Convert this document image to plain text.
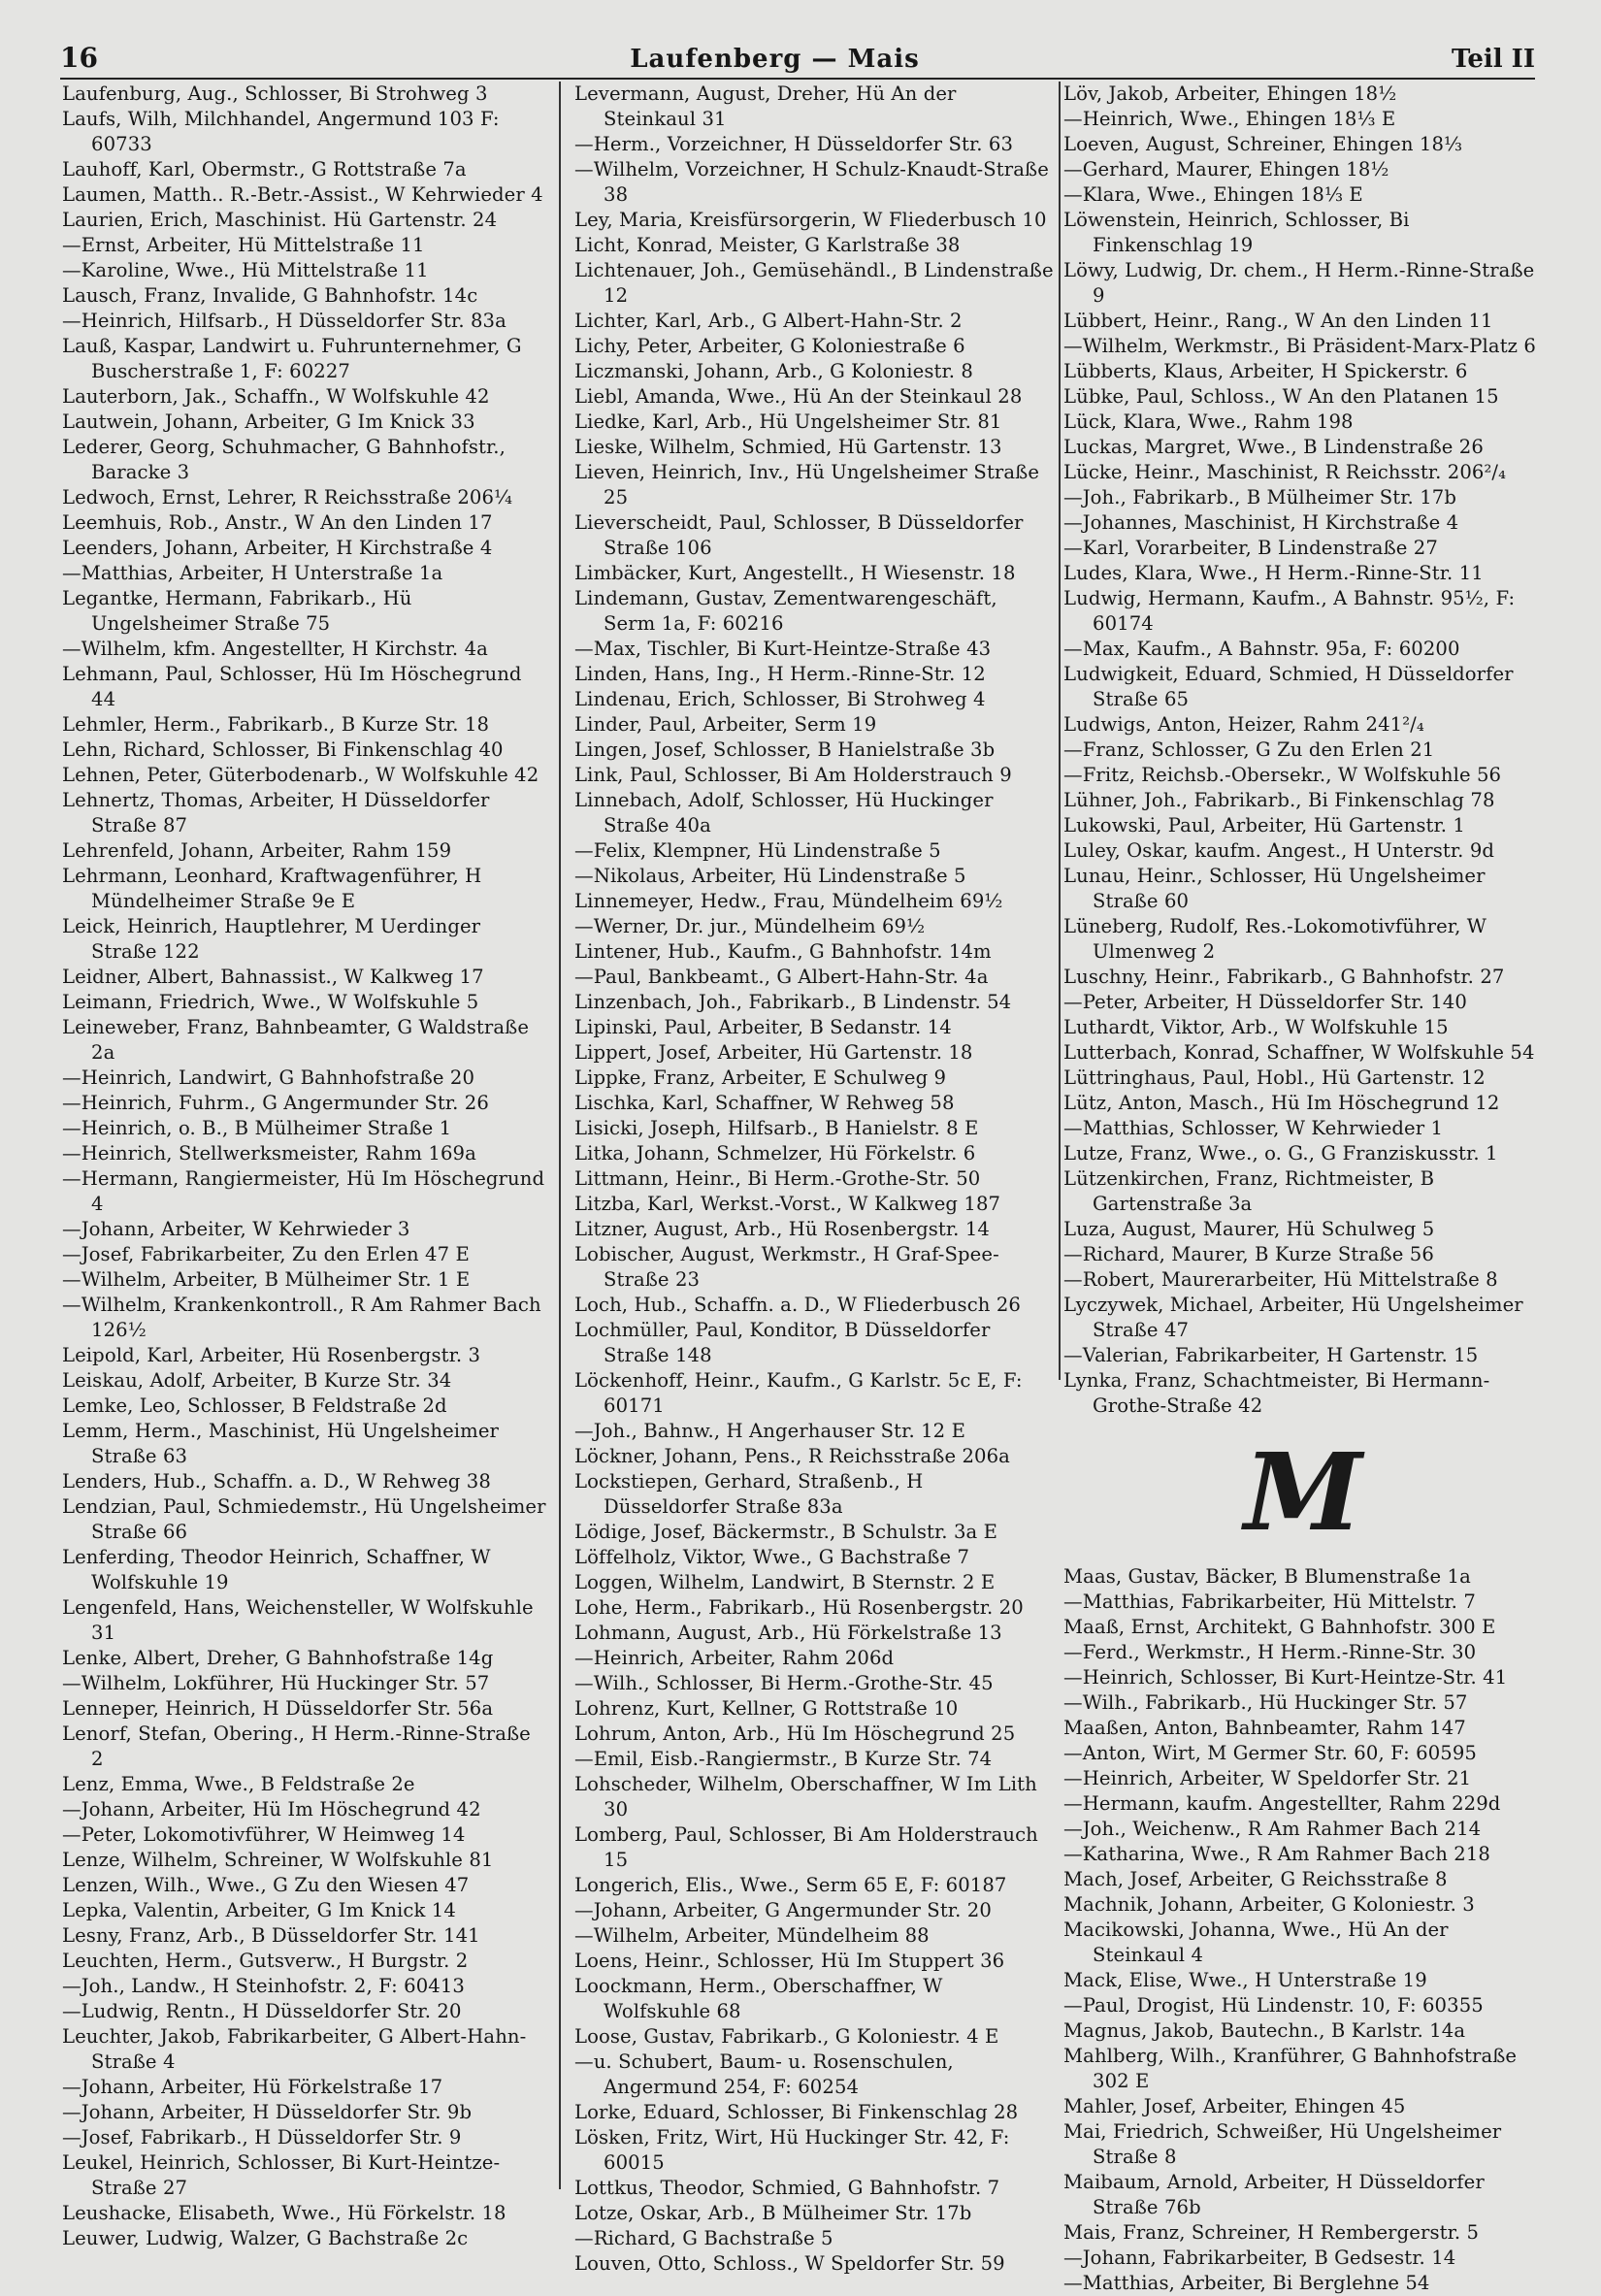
16	Laufenberg — Mais	Teil II
Laufenburg, Aug., Schlosser, Bi Strohweg 3
Laufs, Wilh, Milchhandel, Angermund 103 F: 60733
Lauhoff, Karl, Obermstr., G Rottstraße 7a
Laumen, Matth.. R.-Betr.-Assist., W Kehrwieder 4
Laurien, Erich, Maschinist. Hü Gartenstr. 24
—Ernst, Arbeiter, Hü Mittelstraße 11
—Karoline, Wwe., Hü Mittelstraße 11
Lausch, Franz, Invalide, G Bahnhofstr. 14c
—Heinrich, Hilfsarb., H Düsseldorfer Str. 83a
Lauß, Kaspar, Landwirt u. Fuhrunternehmer, G Buscherstraße 1, F: 60227
Lauterborn, Jak., Schaffn., W Wolfskuhle 42
Lautwein, Johann, Arbeiter, G Im Knick 33
Lederer, Georg, Schuhmacher, G Bahnhofstr., Baracke 3
Ledwoch, Ernst, Lehrer, R Reichsstraße 206¼
Leemhuis, Rob., Anstr., W An den Linden 17
Leenders, Johann, Arbeiter, H Kirchstraße 4
—Matthias, Arbeiter, H Unterstraße 1a
Legantke, Hermann, Fabrikarb., Hü Ungelsheimer Straße 75
—Wilhelm, kfm. Angestellter, H Kirchstr. 4a
Lehmann, Paul, Schlosser, Hü Im Höschegrund 44
Lehmler, Herm., Fabrikarb., B Kurze Str. 18
Lehn, Richard, Schlosser, Bi Finkenschlag 40
Lehnen, Peter, Güterbodenarb., W Wolfskuhle 42
Lehnertz, Thomas, Arbeiter, H Düsseldorfer Straße 87
Lehrenfeld, Johann, Arbeiter, Rahm 159
Lehrmann, Leonhard, Kraftwagenführer, H Mündelheimer Straße 9e E
Leick, Heinrich, Hauptlehrer, M Uerdinger Straße 122
Leidner, Albert, Bahnassist., W Kalkweg 17
Leimann, Friedrich, Wwe., W Wolfskuhle 5
Leineweber, Franz, Bahnbeamter, G Waldstraße 2a
—Heinrich, Landwirt, G Bahnhofstraße 20
—Heinrich, Fuhrm., G Angermunder Str. 26
—Heinrich, o. B., B Mülheimer Straße 1
—Heinrich, Stellwerksmeister, Rahm 169a
—Hermann, Rangiermeister, Hü Im Höschegrund 4
—Johann, Arbeiter, W Kehrwieder 3
—Josef, Fabrikarbeiter, Zu den Erlen 47 E
—Wilhelm, Arbeiter, B Mülheimer Str. 1 E
—Wilhelm, Krankenkontroll., R Am Rahmer Bach 126½
Leipold, Karl, Arbeiter, Hü Rosenbergstr. 3
Leiskau, Adolf, Arbeiter, B Kurze Str. 34
Lemke, Leo, Schlosser, B Feldstraße 2d
Lemm, Herm., Maschinist, Hü Ungelsheimer Straße 63
Lenders, Hub., Schaffn. a. D., W Rehweg 38
Lendzian, Paul, Schmiedemstr., Hü Ungelsheimer Straße 66
Lenferding, Theodor Heinrich, Schaffner, W Wolfskuhle 19
Lengenfeld, Hans, Weichensteller, W Wolfskuhle 31
Lenke, Albert, Dreher, G Bahnhofstraße 14g
—Wilhelm, Lokführer, Hü Huckinger Str. 57
Lenneper, Heinrich, H Düsseldorfer Str. 56a
Lenorf, Stefan, Obering., H Herm.-Rinne-Straße 2
Lenz, Emma, Wwe., B Feldstraße 2e
—Johann, Arbeiter, Hü Im Höschegrund 42
—Peter, Lokomotivführer, W Heimweg 14
Lenze, Wilhelm, Schreiner, W Wolfskuhle 81
Lenzen, Wilh., Wwe., G Zu den Wiesen 47
Lepka, Valentin, Arbeiter, G Im Knick 14
Lesny, Franz, Arb., B Düsseldorfer Str. 141
Leuchten, Herm., Gutsverw., H Burgstr. 2
—Joh., Landw., H Steinhofstr. 2, F: 60413
—Ludwig, Rentn., H Düsseldorfer Str. 20
Leuchter, Jakob, Fabrikarbeiter, G Albert-Hahn-Straße 4
—Johann, Arbeiter, Hü Förkelstraße 17
—Johann, Arbeiter, H Düsseldorfer Str. 9b
—Josef, Fabrikarb., H Düsseldorfer Str. 9
Leukel, Heinrich, Schlosser, Bi Kurt-Heintze-Straße 27
Leushacke, Elisabeth, Wwe., Hü Förkelstr. 18
Leuwer, Ludwig, Walzer, G Bachstraße 2c
Levermann, August, Dreher, Hü An der Steinkaul 31
—Herm., Vorzeichner, H Düsseldorfer Str. 63
—Wilhelm, Vorzeichner, H Schulz-Knaudt-Straße 38
Ley, Maria, Kreisfürsorgerin, W Fliederbusch 10
Licht, Konrad, Meister, G Karlstraße 38
Lichtenauer, Joh., Gemüsehändl., B Lindenstraße 12
Lichter, Karl, Arb., G Albert-Hahn-Str. 2
Lichy, Peter, Arbeiter, G Koloniestraße 6
Liczmanski, Johann, Arb., G Koloniestr. 8
Liebl, Amanda, Wwe., Hü An der Steinkaul 28
Liedke, Karl, Arb., Hü Ungelsheimer Str. 81
Lieske, Wilhelm, Schmied, Hü Gartenstr. 13
Lieven, Heinrich, Inv., Hü Ungelsheimer Straße 25
Lieverscheidt, Paul, Schlosser, B Düsseldorfer Straße 106
Limbäcker, Kurt, Angestellt., H Wiesenstr. 18
Lindemann, Gustav, Zementwarengeschäft, Serm 1a, F: 60216
—Max, Tischler, Bi Kurt-Heintze-Straße 43
Linden, Hans, Ing., H Herm.-Rinne-Str. 12
Lindenau, Erich, Schlosser, Bi Strohweg 4
Linder, Paul, Arbeiter, Serm 19
Lingen, Josef, Schlosser, B Hanielstraße 3b
Link, Paul, Schlosser, Bi Am Holderstrauch 9
Linnebach, Adolf, Schlosser, Hü Huckinger Straße 40a
—Felix, Klempner, Hü Lindenstraße 5
—Nikolaus, Arbeiter, Hü Lindenstraße 5
Linnemeyer, Hedw., Frau, Mündelheim 69½
—Werner, Dr. jur., Mündelheim 69½
Lintener, Hub., Kaufm., G Bahnhofstr. 14m
—Paul, Bankbeamt., G Albert-Hahn-Str. 4a
Linzenbach, Joh., Fabrikarb., B Lindenstr. 54
Lipinski, Paul, Arbeiter, B Sedanstr. 14
Lippert, Josef, Arbeiter, Hü Gartenstr. 18
Lippke, Franz, Arbeiter, E Schulweg 9
Lischka, Karl, Schaffner, W Rehweg 58
Lisicki, Joseph, Hilfsarb., B Hanielstr. 8 E
Litka, Johann, Schmelzer, Hü Förkelstr. 6
Littmann, Heinr., Bi Herm.-Grothe-Str. 50
Litzba, Karl, Werkst.-Vorst., W Kalkweg 187
Litzner, August, Arb., Hü Rosenbergstr. 14
Lobischer, August, Werkmstr., H Graf-Spee-Straße 23
Loch, Hub., Schaffn. a. D., W Fliederbusch 26
Lochmüller, Paul, Konditor, B Düsseldorfer Straße 148
Löckenhoff, Heinr., Kaufm., G Karlstr. 5c E, F: 60171
—Joh., Bahnw., H Angerhauser Str. 12 E
Löckner, Johann, Pens., R Reichsstraße 206a
Lockstiepen, Gerhard, Straßenb., H Düsseldorfer Straße 83a
Lödige, Josef, Bäckermstr., B Schulstr. 3a E
Löffelholz, Viktor, Wwe., G Bachstraße 7
Loggen, Wilhelm, Landwirt, B Sternstr. 2 E
Lohe, Herm., Fabrikarb., Hü Rosenbergstr. 20
Lohmann, August, Arb., Hü Förkelstraße 13
—Heinrich, Arbeiter, Rahm 206d
—Wilh., Schlosser, Bi Herm.-Grothe-Str. 45
Lohrenz, Kurt, Kellner, G Rottstraße 10
Lohrum, Anton, Arb., Hü Im Höschegrund 25
—Emil, Eisb.-Rangiermstr., B Kurze Str. 74
Lohscheder, Wilhelm, Oberschaffner, W Im Lith 30
Lomberg, Paul, Schlosser, Bi Am Holderstrauch 15
Longerich, Elis., Wwe., Serm 65 E, F: 60187
—Johann, Arbeiter, G Angermunder Str. 20
—Wilhelm, Arbeiter, Mündelheim 88
Loens, Heinr., Schlosser, Hü Im Stuppert 36
Loockmann, Herm., Oberschaffner, W Wolfskuhle 68
Loose, Gustav, Fabrikarb., G Koloniestr. 4 E
—u. Schubert, Baum- u. Rosenschulen, Angermund 254, F: 60254
Lorke, Eduard, Schlosser, Bi Finkenschlag 28
Lösken, Fritz, Wirt, Hü Huckinger Str. 42, F: 60015
Lottkus, Theodor, Schmied, G Bahnhofstr. 7
Lotze, Oskar, Arb., B Mülheimer Str. 17b
—Richard, G Bachstraße 5
Louven, Otto, Schloss., W Speldorfer Str. 59
Löv, Jakob, Arbeiter, Ehingen 18½
—Heinrich, Wwe., Ehingen 18⅓ E
Loeven, August, Schreiner, Ehingen 18⅓
—Gerhard, Maurer, Ehingen 18½
—Klara, Wwe., Ehingen 18⅓ E
Löwenstein, Heinrich, Schlosser, Bi Finkenschlag 19
Löwy, Ludwig, Dr. chem., H Herm.-Rinne-Straße 9
Lübbert, Heinr., Rang., W An den Linden 11
—Wilhelm, Werkmstr., Bi Präsident-Marx-Platz 6
Lübberts, Klaus, Arbeiter, H Spickerstr. 6
Lübke, Paul, Schloss., W An den Platanen 15
Lück, Klara, Wwe., Rahm 198
Luckas, Margret, Wwe., B Lindenstraße 26
Lücke, Heinr., Maschinist, R Reichsstr. 206²/₄
—Joh., Fabrikarb., B Mülheimer Str. 17b
—Johannes, Maschinist, H Kirchstraße 4
—Karl, Vorarbeiter, B Lindenstraße 27
Ludes, Klara, Wwe., H Herm.-Rinne-Str. 11
Ludwig, Hermann, Kaufm., A Bahnstr. 95½, F: 60174
—Max, Kaufm., A Bahnstr. 95a, F: 60200
Ludwigkeit, Eduard, Schmied, H Düsseldorfer Straße 65
Ludwigs, Anton, Heizer, Rahm 241²/₄
—Franz, Schlosser, G Zu den Erlen 21
—Fritz, Reichsb.-Obersekr., W Wolfskuhle 56
Lühner, Joh., Fabrikarb., Bi Finkenschlag 78
Lukowski, Paul, Arbeiter, Hü Gartenstr. 1
Luley, Oskar, kaufm. Angest., H Unterstr. 9d
Lunau, Heinr., Schlosser, Hü Ungelsheimer Straße 60
Lüneberg, Rudolf, Res.-Lokomotivführer, W Ulmenweg 2
Luschny, Heinr., Fabrikarb., G Bahnhofstr. 27
—Peter, Arbeiter, H Düsseldorfer Str. 140
Luthardt, Viktor, Arb., W Wolfskuhle 15
Lutterbach, Konrad, Schaffner, W Wolfskuhle 54
Lüttringhaus, Paul, Hobl., Hü Gartenstr. 12
Lütz, Anton, Masch., Hü Im Höschegrund 12
—Matthias, Schlosser, W Kehrwieder 1
Lutze, Franz, Wwe., o. G., G Franziskusstr. 1
Lützenkirchen, Franz, Richtmeister, B Gartenstraße 3a
Luza, August, Maurer, Hü Schulweg 5
—Richard, Maurer, B Kurze Straße 56
—Robert, Maurerarbeiter, Hü Mittelstraße 8
Lyczywek, Michael, Arbeiter, Hü Ungelsheimer Straße 47
—Valerian, Fabrikarbeiter, H Gartenstr. 15
Lynka, Franz, Schachtmeister, Bi Hermann-Grothe-Straße 42
M
Maas, Gustav, Bäcker, B Blumenstraße 1a
—Matthias, Fabrikarbeiter, Hü Mittelstr. 7
Maaß, Ernst, Architekt, G Bahnhofstr. 300 E
—Ferd., Werkmstr., H Herm.-Rinne-Str. 30
—Heinrich, Schlosser, Bi Kurt-Heintze-Str. 41
—Wilh., Fabrikarb., Hü Huckinger Str. 57
Maaßen, Anton, Bahnbeamter, Rahm 147
—Anton, Wirt, M Germer Str. 60, F: 60595
—Heinrich, Arbeiter, W Speldorfer Str. 21
—Hermann, kaufm. Angestellter, Rahm 229d
—Joh., Weichenw., R Am Rahmer Bach 214
—Katharina, Wwe., R Am Rahmer Bach 218
Mach, Josef, Arbeiter, G Reichsstraße 8
Machnik, Johann, Arbeiter, G Koloniestr. 3
Macikowski, Johanna, Wwe., Hü An der Steinkaul 4
Mack, Elise, Wwe., H Unterstraße 19
—Paul, Drogist, Hü Lindenstr. 10, F: 60355
Magnus, Jakob, Bautechn., B Karlstr. 14a
Mahlberg, Wilh., Kranführer, G Bahnhofstraße 302 E
Mahler, Josef, Arbeiter, Ehingen 45
Mai, Friedrich, Schweißer, Hü Ungelsheimer Straße 8
Maibaum, Arnold, Arbeiter, H Düsseldorfer Straße 76b
Mais, Franz, Schreiner, H Rembergerstr. 5
—Johann, Fabrikarbeiter, B Gedsestr. 14
—Matthias, Arbeiter, Bi Berglehne 54
